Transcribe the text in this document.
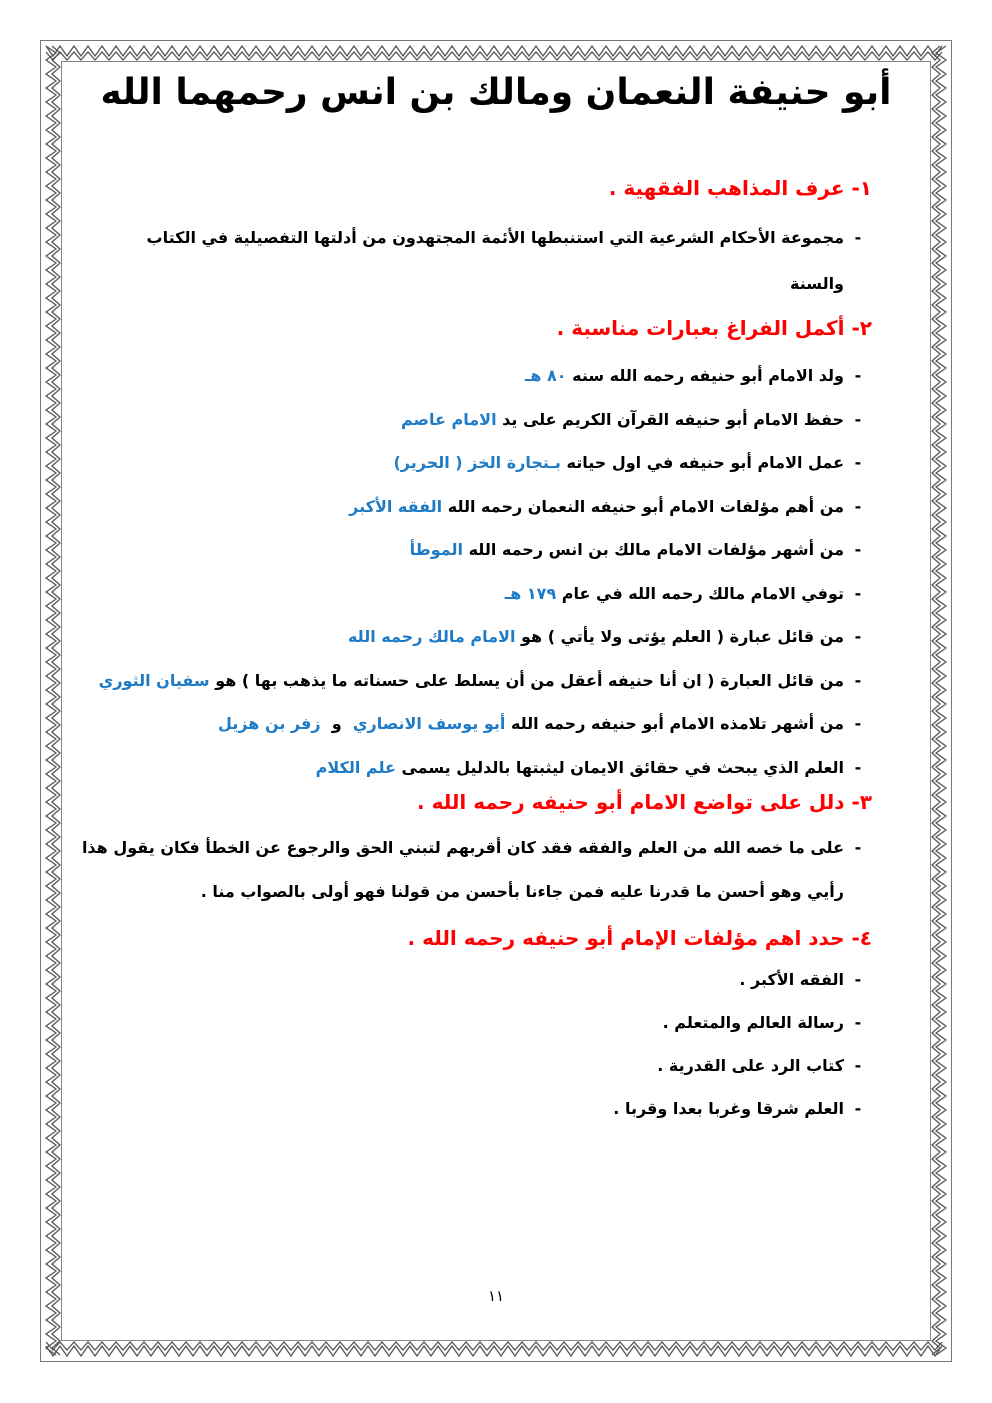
أبو حنيفة النعمان ومالك بن انس رحمهما الله
١- عرف المذاهب الفقهية .
-مجموعة الأحكام الشرعية التي استنبطها الأئمة المجتهدون من أدلتها التفصيلية في الكتاب
والسنة
٢- أكمل الفراغ بعبارات مناسبة .
-ولد الامام أبو حنيفه رحمه الله سنه ٨٠ هـ
-حفظ الامام أبو حنيفه القرآن الكريم على يد الامام عاصم
-عمل الامام أبو حنيفه في اول حياته بـتجارة الخز ( الحرير)
-من أهم مؤلفات الامام أبو حنيفه النعمان رحمه الله الفقه الأكبر
-من أشهر مؤلفات الامام مالك بن انس رحمه الله الموطأ
-توفي الامام مالك رحمه الله في عام ١٧٩ هـ
-من قائل عبارة ( العلم يؤتى ولا يأتي ) هو الامام مالك رحمه الله
-من قائل العبارة ( ان أنا حنيفه أعقل من أن يسلط على حسناته ما يذهب بها ) هو سفيان الثوري
-من أشهر تلامذه الامام أبو حنيفه رحمه الله أبو يوسف الانصاري  و  زفر بن هزيل
-العلم الذي يبحث في حقائق الايمان ليثبتها بالدليل يسمى علم الكلام
٣- دلل على تواضع الامام أبو حنيفه رحمه الله .
-على ما خصه الله من العلم والفقه فقد كان أقربهم لتبني الحق والرجوع عن الخطأ فكان يقول هذا
رأيي وهو أحسن ما قدرنا عليه فمن جاءنا بأحسن من قولنا فهو أولى بالصواب منا .
٤- حدد اهم مؤلفات الإمام أبو حنيفه رحمه الله .
-الفقه الأكبر .
-رسالة العالم والمتعلم .
-كتاب الرد على القدرية .
-العلم شرقا وغربا بعدا وقربا .
١١
